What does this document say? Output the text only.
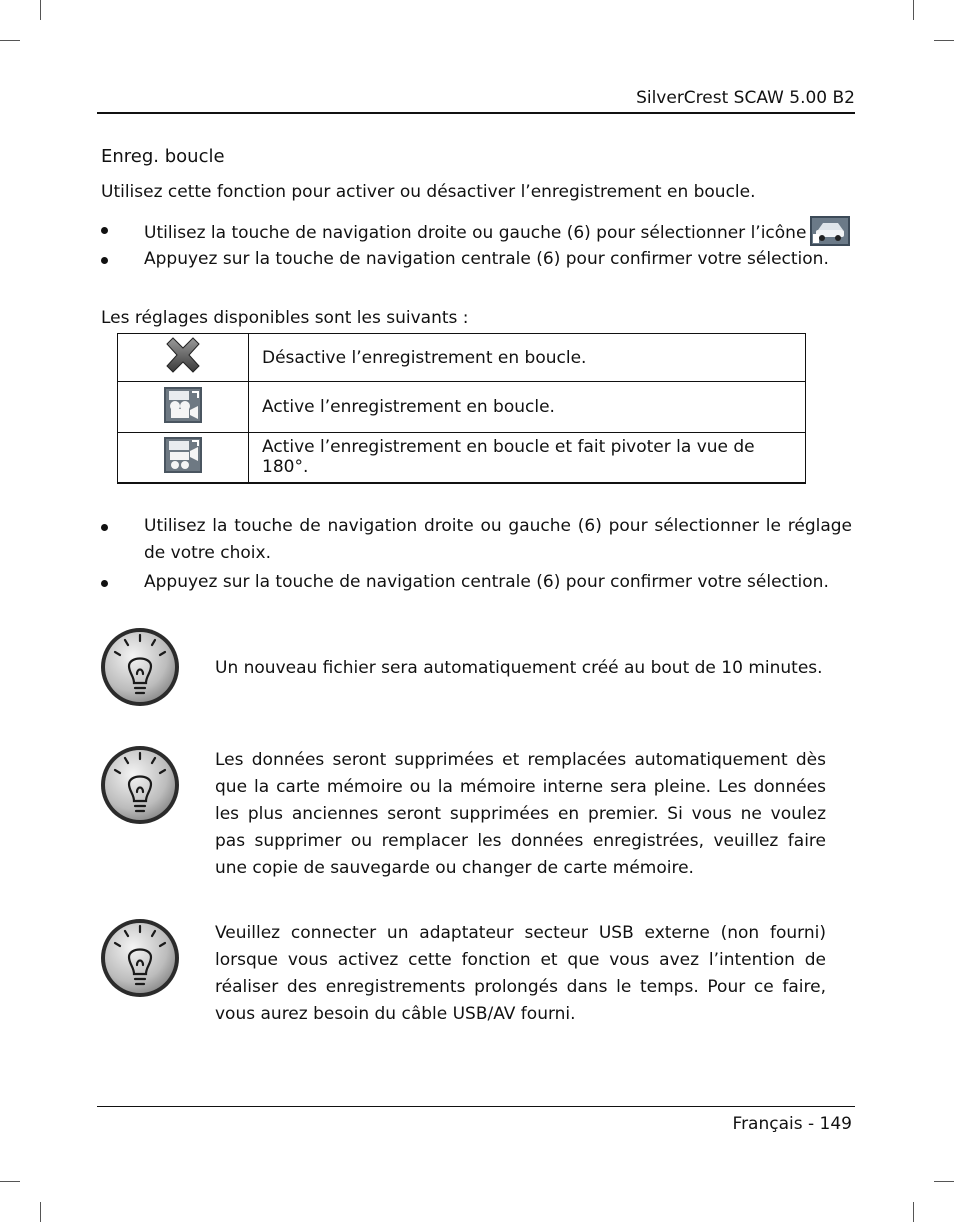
SilverCrest SCAW 5.00 B2
Enreg. boucle
Utilisez cette fonction pour activer ou désactiver l’enregistrement en boucle.
Utilisez la touche de navigation droite ou gauche (6) pour sélectionner l’icône
Appuyez sur la touche de navigation centrale (6) pour confirmer votre sélection.
Les réglages disponibles sont les suivants :
	Désactive l’enregistrement en boucle.
	Active l’enregistrement en boucle.
	Active l’enregistrement en boucle et fait pivoter la vue de 180°.
Utilisez la touche de navigation droite ou gauche (6) pour sélectionner le réglage de votre choix.
Appuyez sur la touche de navigation centrale (6) pour confirmer votre sélection.
Un nouveau fichier sera automatiquement créé au bout de 10 minutes.
Les données seront supprimées et remplacées automatiquement dès que la carte mémoire ou la mémoire interne sera pleine. Les données les plus anciennes seront supprimées en premier. Si vous ne voulez pas supprimer ou remplacer les données enregistrées, veuillez faire une copie de sauvegarde ou changer de carte mémoire.
Veuillez connecter un adaptateur secteur USB externe (non fourni) lorsque vous activez cette fonction et que vous avez l’intention de réaliser des enregistrements prolongés dans le temps. Pour ce faire, vous aurez besoin du câble USB/AV fourni.
Français - 149
